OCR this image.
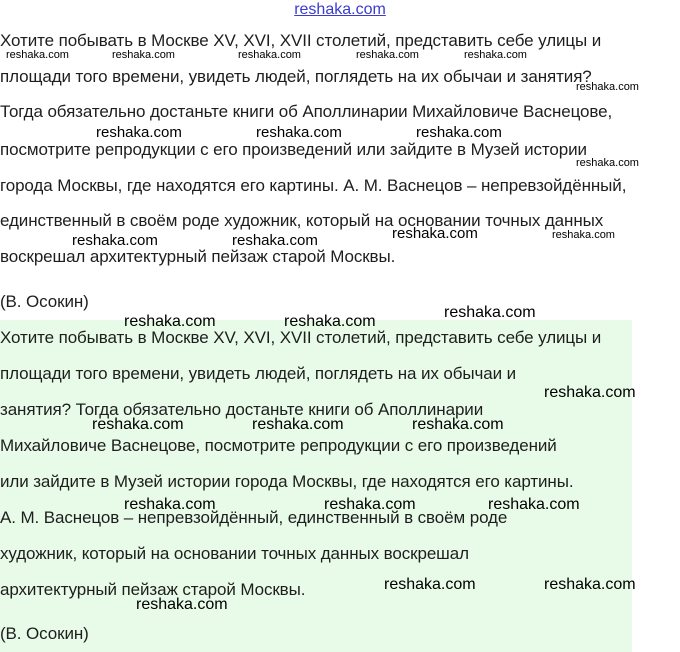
reshaka.com
Хотите побывать в Москве XV, XVI, XVII столетий, представить себе улицы и
площади того времени, увидеть людей, поглядеть на их обычаи и занятия?
Тогда обязательно достаньте книги об Аполлинарии Михайловиче Васнецове,
посмотрите репродукции с его произведений или зайдите в Музей истории
города Москвы, где находятся его картины. А. М. Васнецов – непревзойдённый,
единственный в своём роде художник, который на основании точных данных
воскрешал архитектурный пейзаж старой Москвы.
(В. Осокин)
Хотите побывать в Москве XV, XVI, XVII столетий, представить себе улицы и
площади того времени, увидеть людей, поглядеть на их обычаи и
занятия? Тогда обязательно достаньте книги об Аполлинарии
Михайловиче Васнецове, посмотрите репродукции с его произведений
или зайдите в Музей истории города Москвы, где находятся его картины.
А. М. Васнецов – непревзойдённый, единственный в своём роде
художник, который на основании точных данных воскрешал
архитектурный пейзаж старой Москвы.
(В. Осокин)
reshaka.com	reshaka.com	reshaka.com	reshaka.com	reshaka.com
reshaka.com
reshaka.com	reshaka.com	reshaka.com
reshaka.com
reshaka.com	reshaka.com	reshaka.com	reshaka.com
reshaka.com
reshaka.com	reshaka.com
reshaka.com
reshaka.com	reshaka.com	reshaka.com
reshaka.com	reshaka.com	reshaka.com
reshaka.com	reshaka.com
reshaka.com
